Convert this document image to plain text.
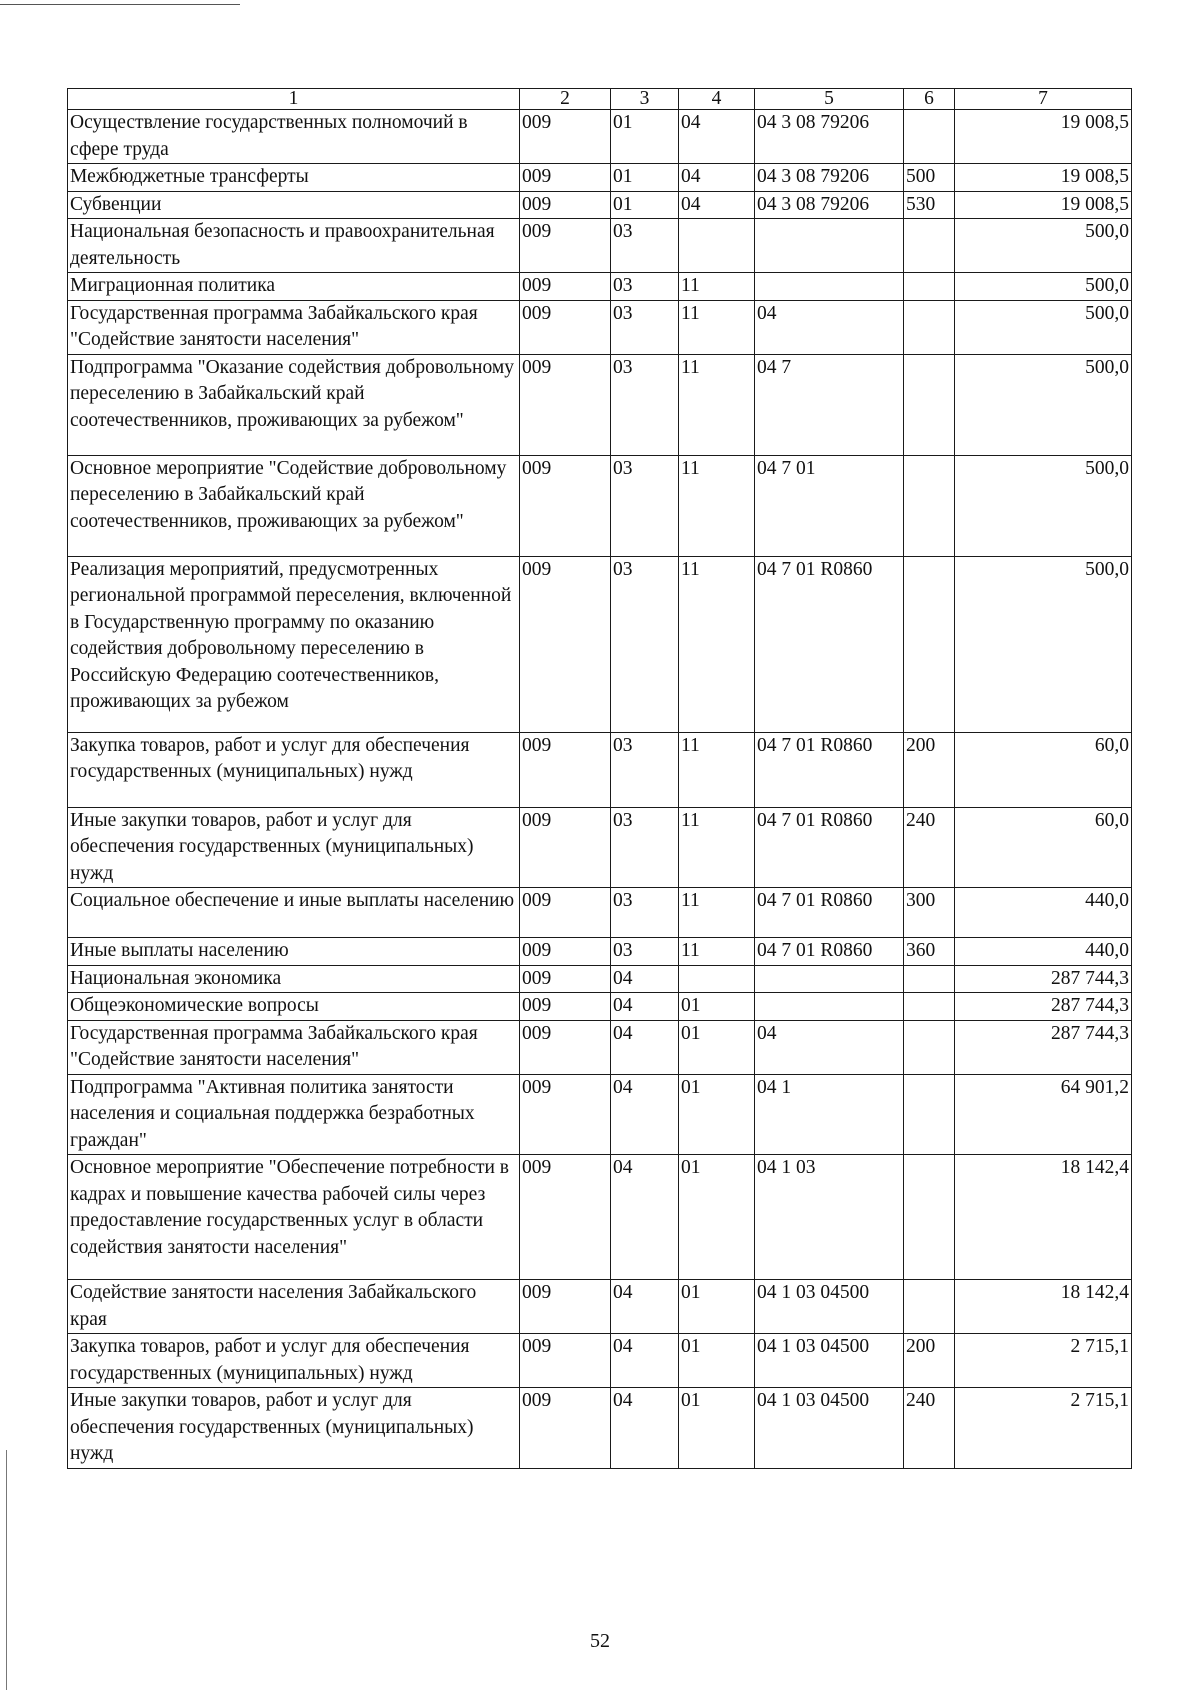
1	2	3	4	5	6	7
Осуществление государственных полномочий в сфере труда	009	01	04	04 3 08 79206		19 008,5
Межбюджетные трансферты	009	01	04	04 3 08 79206	500	19 008,5
Субвенции	009	01	04	04 3 08 79206	530	19 008,5
Национальная безопасность и правоохранительная деятельность	009	03				500,0
Миграционная политика	009	03	11			500,0
Государственная программа Забайкальского края "Содействие занятости населения"	009	03	11	04		500,0
Подпрограмма "Оказание содействия добровольному переселению в Забайкальский край соотечественников, проживающих за рубежом"	009	03	11	04 7		500,0
Основное мероприятие "Содействие добровольному переселению в Забайкальский край соотечественников, проживающих за рубежом"	009	03	11	04 7 01		500,0
Реализация мероприятий, предусмотренных региональной программой переселения, включенной в Государственную программу по оказанию содействия добровольному переселению в Российскую Федерацию соотечественников, проживающих за рубежом	009	03	11	04 7 01 R0860		500,0
Закупка товаров, работ и услуг для обеспечения государственных (муниципальных) нужд	009	03	11	04 7 01 R0860	200	60,0
Иные закупки товаров, работ и услуг для обеспечения государственных (муниципальных) нужд	009	03	11	04 7 01 R0860	240	60,0
Социальное обеспечение и иные выплаты населению	009	03	11	04 7 01 R0860	300	440,0
Иные выплаты населению	009	03	11	04 7 01 R0860	360	440,0
Национальная экономика	009	04				287 744,3
Общеэкономические вопросы	009	04	01			287 744,3
Государственная программа Забайкальского края "Содействие занятости населения"	009	04	01	04		287 744,3
Подпрограмма "Активная политика занятости населения и социальная поддержка безработных граждан"	009	04	01	04 1		64 901,2
Основное мероприятие "Обеспечение потребности в кадрах и повышение качества рабочей силы через предоставление государственных услуг в области содействия занятости населения"	009	04	01	04 1 03		18 142,4
Содействие занятости населения Забайкальского края	009	04	01	04 1 03 04500		18 142,4
Закупка товаров, работ и услуг для обеспечения государственных (муниципальных) нужд	009	04	01	04 1 03 04500	200	2 715,1
Иные закупки товаров, работ и услуг для обеспечения государственных (муниципальных) нужд	009	04	01	04 1 03 04500	240	2 715,1
52
